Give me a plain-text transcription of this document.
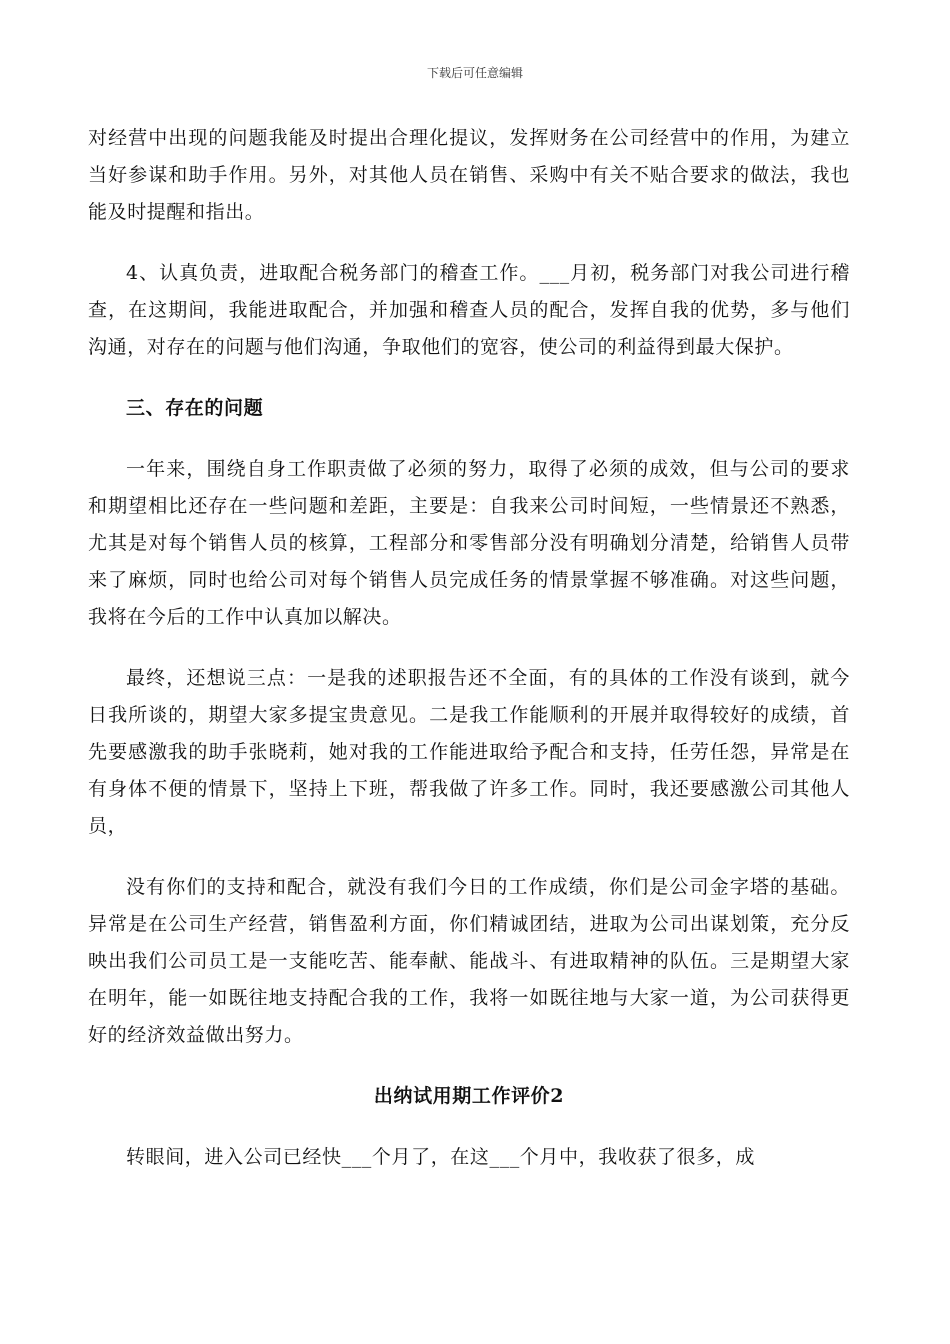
下载后可任意编辑

对经营中出现的问题我能及时提出合理化提议，发挥财务在公司经营中的作用，为建立当好参谋和助手作用。另外，对其他人员在销售、采购中有关不贴合要求的做法，我也能及时提醒和指出。

4、认真负责，进取配合税务部门的稽查工作。___月初，税务部门对我公司进行稽查，在这期间，我能进取配合，并加强和稽查人员的配合，发挥自我的优势，多与他们沟通，对存在的问题与他们沟通，争取他们的宽容，使公司的利益得到最大保护。

三、存在的问题

一年来，围绕自身工作职责做了必须的努力，取得了必须的成效，但与公司的要求和期望相比还存在一些问题和差距，主要是：自我来公司时间短，一些情景还不熟悉，尤其是对每个销售人员的核算，工程部分和零售部分没有明确划分清楚，给销售人员带来了麻烦，同时也给公司对每个销售人员完成任务的情景掌握不够准确。对这些问题，我将在今后的工作中认真加以解决。

最终，还想说三点：一是我的述职报告还不全面，有的具体的工作没有谈到，就今日我所谈的，期望大家多提宝贵意见。二是我工作能顺利的开展并取得较好的成绩，首先要感激我的助手张晓莉，她对我的工作能进取给予配合和支持，任劳任怨，异常是在有身体不便的情景下，坚持上下班，帮我做了许多工作。同时，我还要感激公司其他人员，

没有你们的支持和配合，就没有我们今日的工作成绩，你们是公司金字塔的基础。异常是在公司生产经营，销售盈利方面，你们精诚团结，进取为公司出谋划策，充分反映出我们公司员工是一支能吃苦、能奉献、能战斗、有进取精神的队伍。三是期望大家在明年，能一如既往地支持配合我的工作，我将一如既往地与大家一道，为公司获得更好的经济效益做出努力。

出纳试用期工作评价2

转眼间，进入公司已经快___个月了，在这___个月中，我收获了很多，成
